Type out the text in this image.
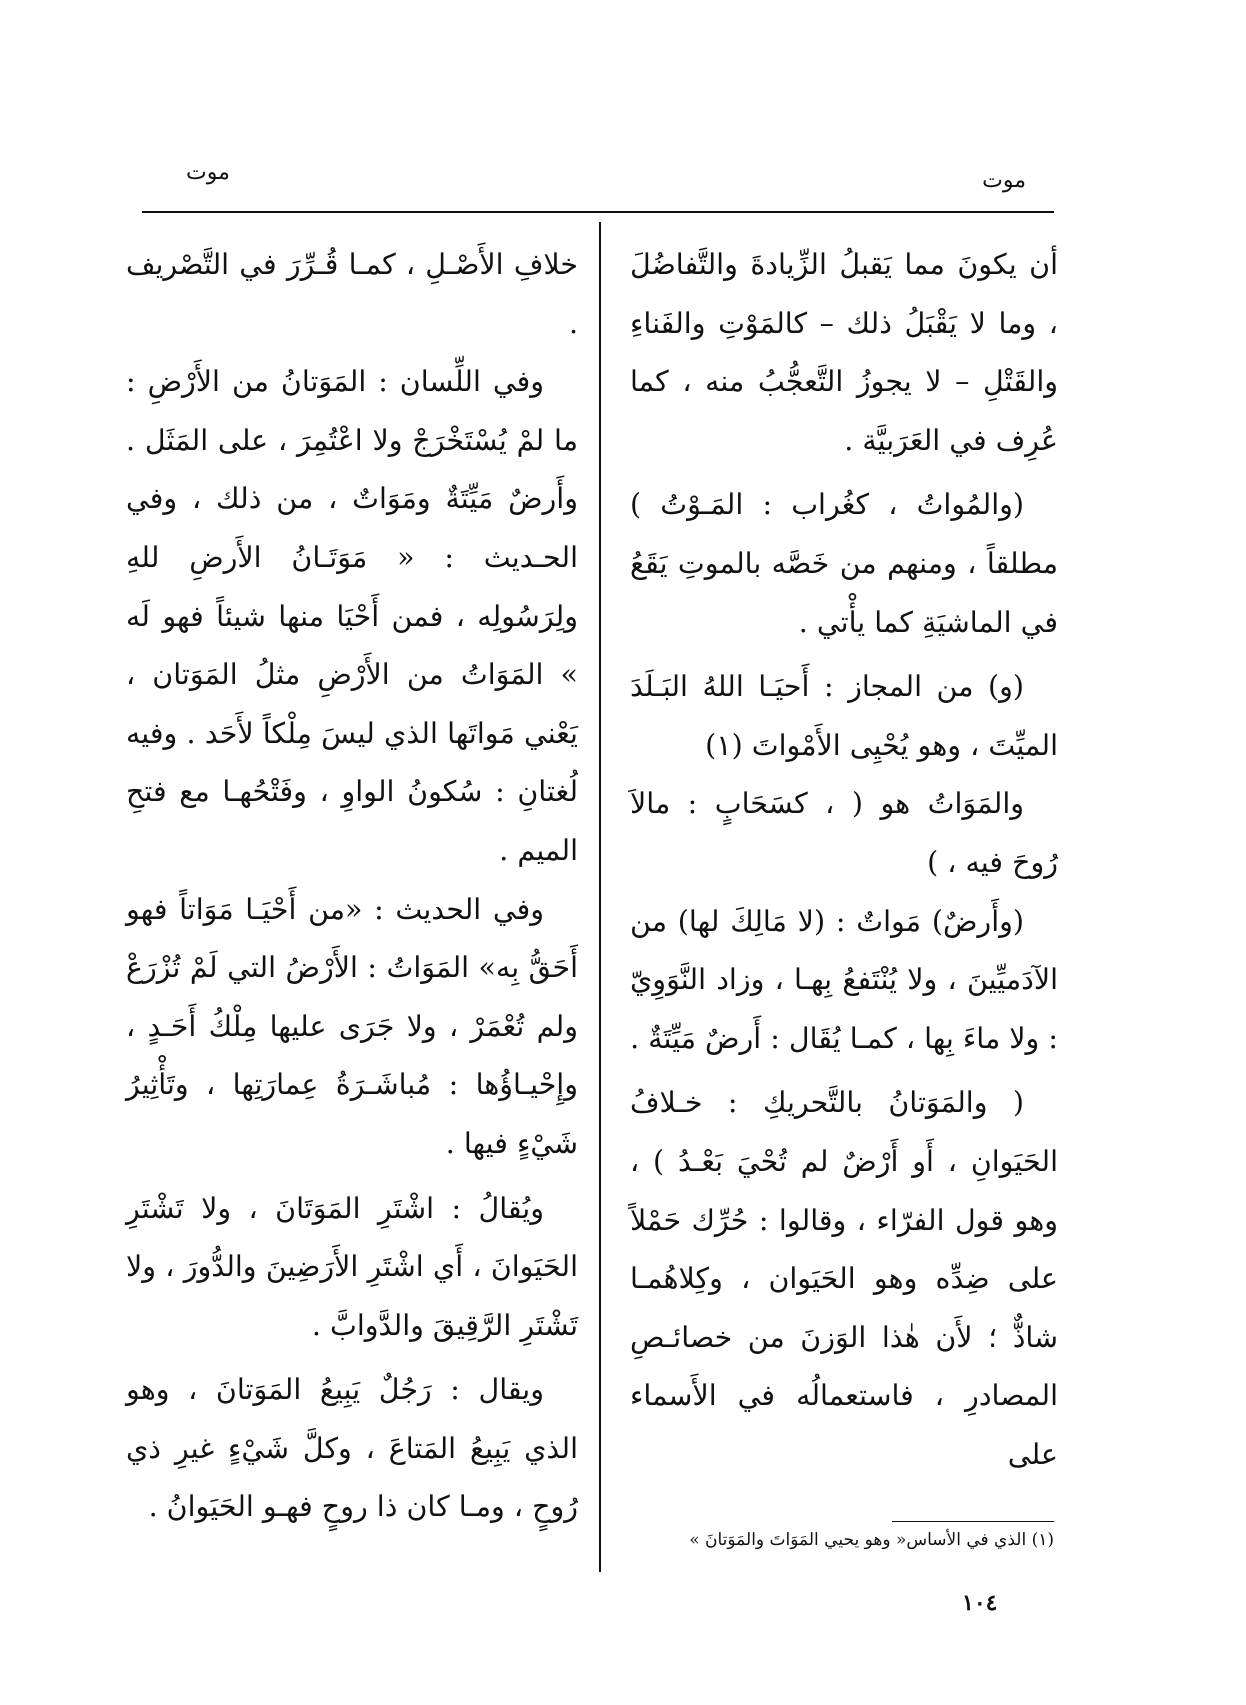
موت	موت

أن يكونَ مما يَقبلُ الزِّيادةَ والتَّفاضُلَ ، وما لا يَقْبَلُ ذلك – كالمَوْتِ والفَناءِ والقَتْلِ – لا يجوزُ التَّعجُّبُ منه ، كما عُرِف في العَرَبيَّة .

(والمُواتُ ، كغُراب : المَـوْتُ ) مطلقاً ، ومنهم من خَصَّه بالموتِ يَقَعُ في الماشيَةِ كما يأْتي .

(و) من المجاز : أَحيَـا اللهُ البَـلَدَ الميِّتَ ، وهو يُحْيِى الأَمْواتَ (١)

والمَوَاتُ هو ( ، كسَحَابٍ : مالاَ رُوحَ فيه ، )

(وأَرضٌ) مَواتٌ : (لا مَالِكَ لها) من الآدَميِّينَ ، ولا يُنْتَفعُ بِهـا ، وزاد النَّوَوِيّ : ولا ماءَ بِها ، كمـا يُقَال : أَرضٌ مَيِّتَةٌ .

( والمَوَتانُ بالتَّحريكِ : خـلافُ الحَيَوانِ ، أَو أَرْضٌ لم تُحْيَ بَعْـدُ ) ، وهو قول الفرّاء ، وقالوا : حُرِّك حَمْلاً على ضِدِّه وهو الحَيَوان ، وكِلاهُمـا شاذٌّ ؛ لأَن هٰذا الوَزنَ من خصائـصِ المصادرِ ، فاستعمالُه في الأَسماء على

خلافِ الأَصْـلِ ، كمـا قُـرِّرَ في التَّصْريف .

وفي اللِّسان : المَوَتانُ من الأَرْضِ : ما لمْ يُسْتَخْرَجْ ولا اعْتُمِرَ ، على المَثَل . وأَرضٌ مَيِّتَةٌ ومَوَاتٌ ، من ذلك ، وفي الحـديث : « مَوَتَـانُ الأَرضِ للهِ ولِرَسُولِه ، فمن أَحْيَا منها شيئاً فهو لَه » المَوَاتُ من الأَرْضِ مثلُ المَوَتان ، يَعْني مَواتَها الذي ليسَ مِلْكاً لأَحَد . وفيه لُغتانِ : سُكونُ الواوِ ، وفَتْحُهـا مع فتحِ الميم .

وفي الحديث : «من أَحْيَـا مَوَاتاً فهو أَحَقُّ بِه» المَوَاتُ : الأَرْضُ التي لَمْ تُزْرَعْ ولم تُعْمَرْ ، ولا جَرَى عليها مِلْكُ أَحَـدٍ ، وإِحْيـاؤُها : مُباشَـرَةُ عِمارَتِها ، وتَأْثِيرُ شَيْءٍ فيها .

ويُقالُ : اشْتَرِ المَوَتَانَ ، ولا تَشْتَرِ الحَيَوانَ ، أَي اشْتَرِ الأَرَضِينَ والدُّورَ ، ولا تَشْتَرِ الرَّقِيقَ والدَّوابَّ .

ويقال : رَجُلٌ يَبِيعُ المَوَتانَ ، وهو الذي يَبِيعُ المَتاعَ ، وكلَّ شَيْءٍ غيرِ ذي رُوحٍ ، ومـا كان ذا روحٍ فهـو الحَيَوانُ .

(١) الذي في الأساس« وهو يحيي المَوَاتَ والمَوَتانَ »
١٠٤
